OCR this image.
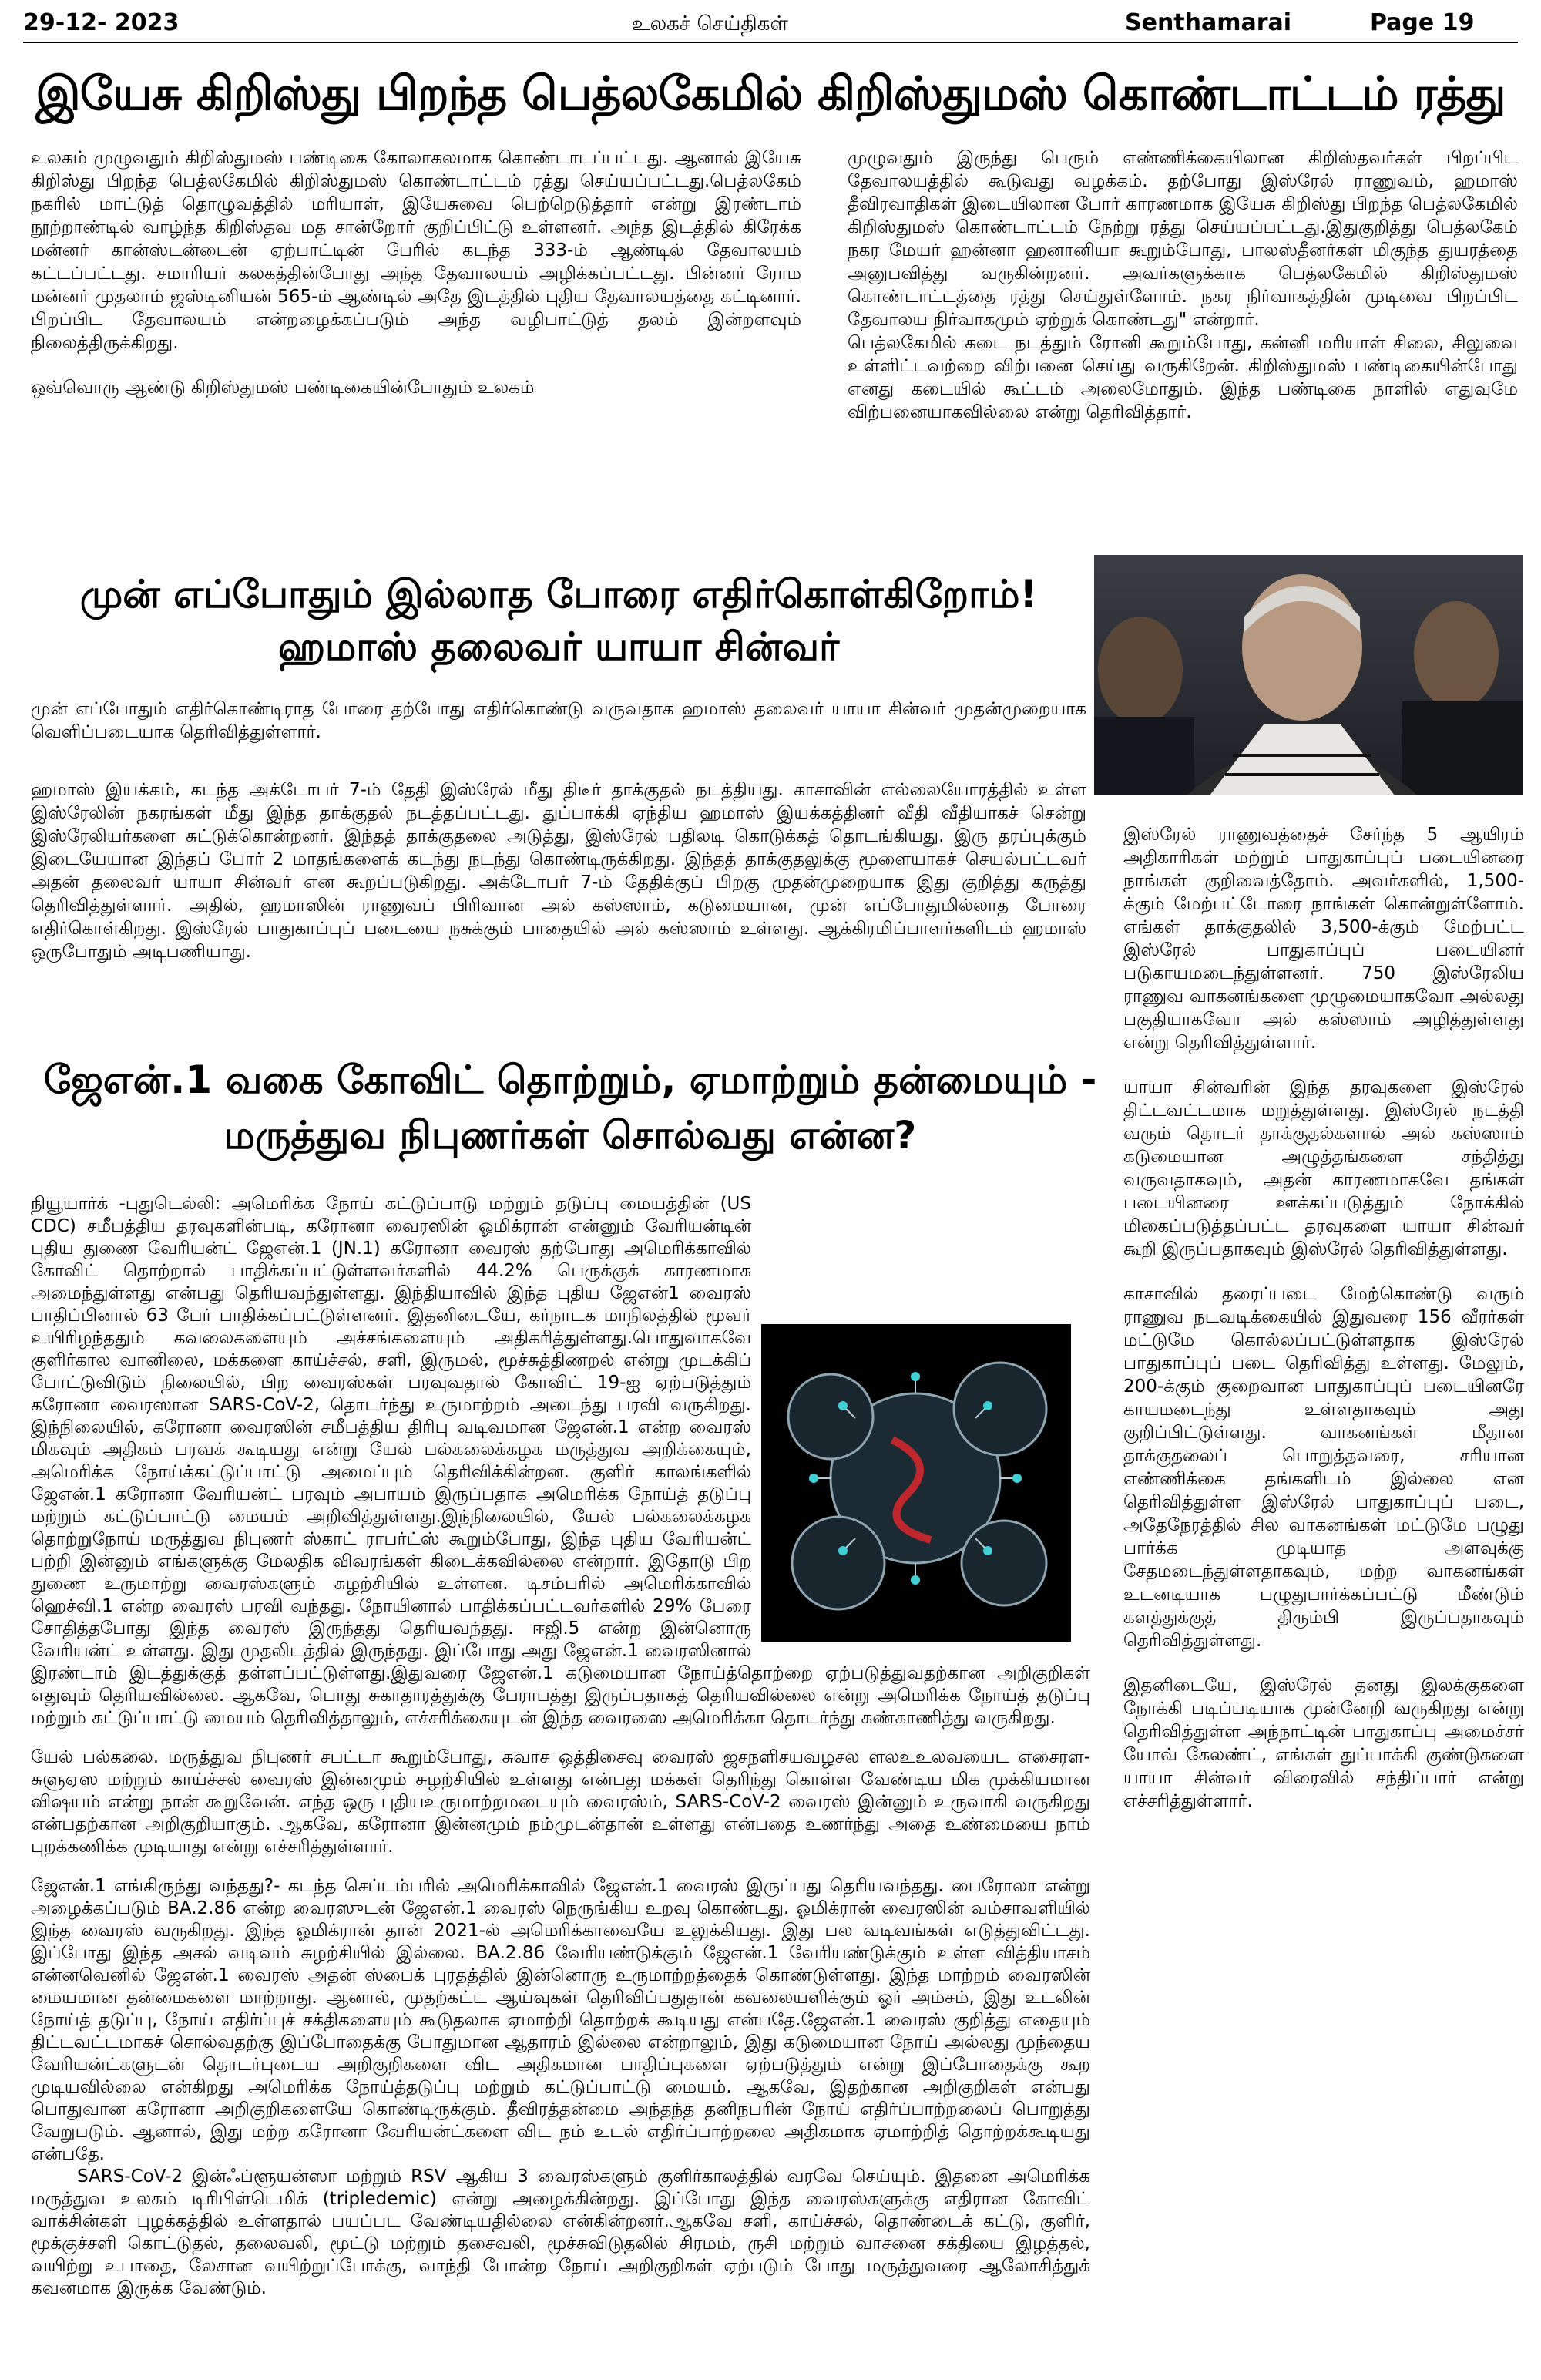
29-12- 2023	உலகச் செய்திகள்	Senthamarai	Page 19
இயேசு கிறிஸ்து பிறந்த பெத்லகேமில் கிறிஸ்துமஸ் கொண்டாட்டம் ரத்து

உலகம் முழுவதும் கிறிஸ்துமஸ் பண்டிகை கோலாகலமாக கொண்டாடப்பட்டது. ஆனால் இயேசு கிறிஸ்து பிறந்த பெத்லகேமில் கிறிஸ்துமஸ் கொண்டாட்டம் ரத்து செய்யப்பட்டது.பெத்லகேம் நகரில் மாட்டுத் தொழுவத்தில் மரியாள், இயேசுவை பெற்றெடுத்தார் என்று இரண்டாம் நூற்றாண்டில் வாழ்ந்த கிறிஸ்தவ மத சான்றோர் குறிப்பிட்டு உள்ளனர். அந்த இடத்தில் கிரேக்க மன்னர் கான்ஸ்டன்டைன் ஏற்பாட்டின் பேரில் கடந்த 333-ம் ஆண்டில் தேவாலயம் கட்டப்பட்டது. சமாரியர் கலகத்தின்போது அந்த தேவாலயம் அழிக்கப்பட்டது. பின்னர் ரோம மன்னர் முதலாம் ஜஸ்டினியன் 565-ம் ஆண்டில் அதே இடத்தில் புதிய தேவாலயத்தை கட்டினார். பிறப்பிட தேவாலயம் என்றழைக்கப்படும் அந்த வழிபாட்டுத் தலம் இன்றளவும் நிலைத்திருக்கிறது.

ஒவ்வொரு ஆண்டு கிறிஸ்துமஸ் பண்டிகையின்போதும் உலகம்

முழுவதும் இருந்து பெரும் எண்ணிக்கையிலான கிறிஸ்தவர்கள் பிறப்பிட தேவாலயத்தில் கூடுவது வழக்கம். தற்போது இஸ்ரேல் ராணுவம், ஹமாஸ் தீவிரவாதிகள் இடையிலான போர் காரணமாக இயேசு கிறிஸ்து பிறந்த பெத்லகேமில் கிறிஸ்துமஸ் கொண்டாட்டம் நேற்று ரத்து செய்யப்பட்டது.இதுகுறித்து பெத்லகேம் நகர மேயர் ஹன்னா ஹனானியா கூறும்போது, பாலஸ்தீனர்கள் மிகுந்த துயரத்தை அனுபவித்து வருகின்றனர். அவர்களுக்காக பெத்லகேமில் கிறிஸ்துமஸ் கொண்டாட்டத்தை ரத்து செய்துள்ளோம். நகர நிர்வாகத்தின் முடிவை பிறப்பிட தேவாலய நிர்வாகமும் ஏற்றுக் கொண்டது" என்றார்.

பெத்லகேமில் கடை நடத்தும் ரோனி கூறும்போது, கன்னி மரியாள் சிலை, சிலுவை உள்ளிட்டவற்றை விற்பனை செய்து வருகிறேன். கிறிஸ்துமஸ் பண்டிகையின்போது எனது கடையில் கூட்டம் அலைமோதும். இந்த பண்டிகை நாளில் எதுவுமே விற்பனையாகவில்லை என்று தெரிவித்தார்.

முன் எப்போதும் இல்லாத போரை எதிர்கொள்கிறோம்!
ஹமாஸ் தலைவர் யாயா சின்வர்
முன் எப்போதும் எதிர்கொண்டிராத போரை தற்போது எதிர்கொண்டு வருவதாக ஹமாஸ் தலைவர் யாயா சின்வர் முதன்முறையாக வெளிப்படையாக தெரிவித்துள்ளார்.
ஹமாஸ் இயக்கம், கடந்த அக்டோபர் 7-ம் தேதி இஸ்ரேல் மீது திடீர் தாக்குதல் நடத்தியது. காசாவின் எல்லையோரத்தில் உள்ள இஸ்ரேலின் நகரங்கள் மீது இந்த தாக்குதல் நடத்தப்பட்டது. துப்பாக்கி ஏந்திய ஹமாஸ் இயக்கத்தினர் வீதி வீதியாகச் சென்று இஸ்ரேலியர்களை சுட்டுக்கொன்றனர். இந்தத் தாக்குதலை அடுத்து, இஸ்ரேல் பதிலடி கொடுக்கத் தொடங்கியது. இரு தரப்புக்கும் இடையேயான இந்தப் போர் 2 மாதங்களைக் கடந்து நடந்து கொண்டிருக்கிறது. இந்தத் தாக்குதலுக்கு மூளையாகச் செயல்பட்டவர் அதன் தலைவர் யாயா சின்வர் என கூறப்படுகிறது. அக்டோபர் 7-ம் தேதிக்குப் பிறகு முதன்முறையாக இது குறித்து கருத்து தெரிவித்துள்ளார். அதில், ஹமாஸின் ராணுவப் பிரிவான அல் கஸ்ஸாம், கடுமையான, முன் எப்போதுமில்லாத போரை எதிர்கொள்கிறது. இஸ்ரேல் பாதுகாப்புப் படையை நசுக்கும் பாதையில் அல் கஸ்ஸாம் உள்ளது. ஆக்கிரமிப்பாளர்களிடம் ஹமாஸ் ஒருபோதும் அடிபணியாது.

இஸ்ரேல் ராணுவத்தைச் சேர்ந்த 5 ஆயிரம் அதிகாரிகள் மற்றும் பாதுகாப்புப் படையினரை நாங்கள் குறிவைத்தோம். அவர்களில், 1,500-க்கும் மேற்பட்டோரை நாங்கள் கொன்றுள்ளோம். எங்கள் தாக்குதலில் 3,500-க்கும் மேற்பட்ட இஸ்ரேல் பாதுகாப்புப் படையினர் படுகாயமடைந்துள்ளனர். 750 இஸ்ரேலிய ராணுவ வாகனங்களை முழுமையாகவோ அல்லது பகுதியாகவோ அல் கஸ்ஸாம் அழித்துள்ளது என்று தெரிவித்துள்ளார்.

யாயா சின்வரின் இந்த தரவுகளை இஸ்ரேல் திட்டவட்டமாக மறுத்துள்ளது. இஸ்ரேல் நடத்தி வரும் தொடர் தாக்குதல்களால் அல் கஸ்ஸாம் கடுமையான அழுத்தங்களை சந்தித்து வருவதாகவும், அதன் காரணமாகவே தங்கள் படையினரை ஊக்கப்படுத்தும் நோக்கில் மிகைப்படுத்தப்பட்ட தரவுகளை யாயா சின்வர் கூறி இருப்பதாகவும் இஸ்ரேல் தெரிவித்துள்ளது.

காசாவில் தரைப்படை மேற்கொண்டு வரும் ராணுவ நடவடிக்கையில் இதுவரை 156 வீரர்கள் மட்டுமே கொல்லப்பட்டுள்ளதாக இஸ்ரேல் பாதுகாப்புப் படை தெரிவித்து உள்ளது. மேலும், 200-க்கும் குறைவான பாதுகாப்புப் படையினரே காயமடைந்து உள்ளதாகவும் அது குறிப்பிட்டுள்ளது. வாகனங்கள் மீதான தாக்குதலைப் பொறுத்தவரை, சரியான எண்ணிக்கை தங்களிடம் இல்லை என தெரிவித்துள்ள இஸ்ரேல் பாதுகாப்புப் படை, அதேநேரத்தில் சில வாகனங்கள் மட்டுமே பழுது பார்க்க முடியாத அளவுக்கு சேதமடைந்துள்ளதாகவும், மற்ற வாகனங்கள் உடனடியாக பழுதுபார்க்கப்பட்டு மீண்டும் களத்துக்குத் திரும்பி இருப்பதாகவும் தெரிவித்துள்ளது.

இதனிடையே, இஸ்ரேல் தனது இலக்குகளை நோக்கி படிப்படியாக முன்னேறி வருகிறது என்று தெரிவித்துள்ள அந்நாட்டின் பாதுகாப்பு அமைச்சர் யோவ் கேலண்ட், எங்கள் துப்பாக்கி குண்டுகளை யாயா சின்வர் விரைவில் சந்திப்பார் என்று எச்சரித்துள்ளார்.

ஜேஎன்.1 வகை கோவிட் தொற்றும், ஏமாற்றும் தன்மையும் -
மருத்துவ நிபுணர்கள் சொல்வது என்ன?

நியூயார்க் -புதுடெல்லி: அமெரிக்க நோய் கட்டுப்பாடு மற்றும் தடுப்பு மையத்தின் (US CDC) சமீபத்திய தரவுகளின்படி, கரோனா வைரஸின் ஓமிக்ரான் என்னும் வேரியன்டின் புதிய துணை வேரியன்ட் ஜேஎன்.1 (JN.1) கரோனா வைரஸ் தற்போது அமெரிக்காவில் கோவிட் தொற்றால் பாதிக்கப்பட்டுள்ளவர்களில் 44.2% பெருக்குக் காரணமாக அமைந்துள்ளது என்பது தெரியவந்துள்ளது. இந்தியாவில் இந்த புதிய ஜேஎன்1 வைரஸ் பாதிப்பினால் 63 பேர் பாதிக்கப்பட்டுள்ளனர். இதனிடையே, கர்நாடக மாநிலத்தில் மூவர் உயிரிழந்ததும் கவலைகளையும் அச்சங்களையும் அதிகரித்துள்ளது.பொதுவாகவே குளிர்கால வானிலை, மக்களை காய்ச்சல், சளி, இருமல், மூச்சுத்திணறல் என்று முடக்கிப் போட்டுவிடும் நிலையில், பிற வைரஸ்கள் பரவுவதால் கோவிட் 19-ஐ ஏற்படுத்தும் கரோனா வைரஸான SARS-CoV-2, தொடர்ந்து உருமாற்றம் அடைந்து பரவி வருகிறது. இந்நிலையில், கரோனா வைரஸின் சமீபத்திய திரிபு வடிவமான ஜேஎன்.1 என்ற வைரஸ் மிகவும் அதிகம் பரவக் கூடியது என்று யேல் பல்கலைக்கழக மருத்துவ அறிக்கையும், அமெரிக்க நோய்க்கட்டுப்பாட்டு அமைப்பும் தெரிவிக்கின்றன. குளிர் காலங்களில் ஜேஎன்.1 கரோனா வேரியன்ட் பரவும் அபாயம் இருப்பதாக அமெரிக்க நோய்த் தடுப்பு மற்றும் கட்டுப்பாட்டு மையம் அறிவித்துள்ளது.இந்நிலையில், யேல் பல்கலைக்கழக தொற்றுநோய் மருத்துவ நிபுணர் ஸ்காட் ராபர்ட்ஸ் கூறும்போது, இந்த புதிய வேரியன்ட் பற்றி இன்னும் எங்களுக்கு மேலதிக விவரங்கள் கிடைக்கவில்லை என்றார். இதோடு பிற துணை உருமாற்று வைரஸ்களும் சுழற்சியில் உள்ளன. டிசம்பரில் அமெரிக்காவில் ஹெச்வி.1 என்ற வைரஸ் பரவி வந்தது. நோயினால் பாதிக்கப்பட்டவர்களில் 29% பேரை சோதித்தபோது இந்த வைரஸ் இருந்தது தெரியவந்தது. ஈஜி.5 என்ற இன்னொரு வேரியன்ட் உள்ளது. இது முதலிடத்தில் இருந்தது. இப்போது அது ஜேஎன்.1 வைரஸினால் இரண்டாம் இடத்துக்குத் தள்ளப்பட்டுள்ளது.இதுவரை ஜேஎன்.1 கடுமையான நோய்த்தொற்றை ஏற்படுத்துவதற்கான அறிகுறிகள் எதுவும் தெரியவில்லை. ஆகவே, பொது சுகாதாரத்துக்கு பேராபத்து இருப்பதாகத் தெரியவில்லை என்று அமெரிக்க நோய்த் தடுப்பு மற்றும் கட்டுப்பாட்டு மையம் தெரிவித்தாலும், எச்சரிக்கையுடன் இந்த வைரஸை அமெரிக்கா தொடர்ந்து கண்காணித்து வருகிறது.

யேல் பல்கலை. மருத்துவ நிபுணர் சபட்டா கூறும்போது, சுவாச ஒத்திசைவு வைரஸ் ஜசநளிசயவழசல ளலஉஉலவயைட எசைரள-சுளுஏஸ மற்றும் காய்ச்சல் வைரஸ் இன்னமும் சுழற்சியில் உள்ளது என்பது மக்கள் தெரிந்து கொள்ள வேண்டிய மிக முக்கியமான விஷயம் என்று நான் கூறுவேன். எந்த ஒரு புதியஉருமாற்றமடையும் வைரஸ்ம், SARS-CoV-2 வைரஸ் இன்னும் உருவாகி வருகிறது என்பதற்கான அறிகுறியாகும். ஆகவே, கரோனா இன்னமும் நம்முடன்தான் உள்ளது என்பதை உணர்ந்து அதை உண்மையை நாம் புறக்கணிக்க முடியாது என்று எச்சரித்துள்ளார்.

ஜேஎன்.1 எங்கிருந்து வந்தது?- கடந்த செப்டம்பரில் அமெரிக்காவில் ஜேஎன்.1 வைரஸ் இருப்பது தெரியவந்தது. பைரோலா என்று அழைக்கப்படும் BA.2.86 என்ற வைரஸுடன் ஜேஎன்.1 வைரஸ் நெருங்கிய உறவு கொண்டது. ஓமிக்ரான் வைரஸின் வம்சாவளியில் இந்த வைரஸ் வருகிறது. இந்த ஓமிக்ரான் தான் 2021-ல் அமெரிக்காவையே உலுக்கியது. இது பல வடிவங்கள் எடுத்துவிட்டது. இப்போது இந்த அசல் வடிவம் சுழற்சியில் இல்லை. BA.2.86 வேரியண்டுக்கும் ஜேஎன்.1 வேரியண்டுக்கும் உள்ள வித்தியாசம் என்னவெனில் ஜேஎன்.1 வைரஸ் அதன் ஸ்பைக் புரதத்தில் இன்னொரு உருமாற்றத்தைக் கொண்டுள்ளது. இந்த மாற்றம் வைரஸின் மையமான தன்மைகளை மாற்றாது. ஆனால், முதற்கட்ட ஆய்வுகள் தெரிவிப்பதுதான் கவலையளிக்கும் ஓர் அம்சம், இது உடலின் நோய்த் தடுப்பு, நோய் எதிர்ப்புச் சக்திகளையும் கூடுதலாக ஏமாற்றி தொற்றக் கூடியது என்பதே.ஜேஎன்.1 வைரஸ் குறித்து எதையும் திட்டவட்டமாகச் சொல்வதற்கு இப்போதைக்கு போதுமான ஆதாரம் இல்லை என்றாலும், இது கடுமையான நோய் அல்லது முந்தைய வேரியன்ட்களுடன் தொடர்புடைய அறிகுறிகளை விட அதிகமான பாதிப்புகளை ஏற்படுத்தும் என்று இப்போதைக்கு கூற முடியவில்லை என்கிறது அமெரிக்க நோய்த்தடுப்பு மற்றும் கட்டுப்பாட்டு மையம். ஆகவே, இதற்கான அறிகுறிகள் என்பது பொதுவான கரோனா அறிகுறிகளையே கொண்டிருக்கும். தீவிரத்தன்மை அந்தந்த தனிநபரின் நோய் எதிர்ப்பாற்றலைப் பொறுத்து வேறுபடும். ஆனால், இது மற்ற கரோனா வேரியன்ட்களை விட நம் உடல் எதிர்ப்பாற்றலை அதிகமாக ஏமாற்றித் தொற்றக்கூடியது என்பதே.

SARS-CoV-2 இன்ஃப்ளூயன்ஸா மற்றும் RSV ஆகிய 3 வைரஸ்களும் குளிர்காலத்தில் வரவே செய்யும். இதனை அமெரிக்க மருத்துவ உலகம் டிரிபிள்டெமிக் (tripledemic) என்று அழைக்கின்றது. இப்போது இந்த வைரஸ்களுக்கு எதிரான கோவிட் வாக்சின்கள் புழக்கத்தில் உள்ளதால் பயப்பட வேண்டியதில்லை என்கின்றனர்.ஆகவே சளி, காய்ச்சல், தொண்டைக் கட்டு, குளிர், மூக்குச்சளி கொட்டுதல், தலைவலி, மூட்டு மற்றும் தசைவலி, மூச்சுவிடுதலில் சிரமம், ருசி மற்றும் வாசனை சக்தியை இழத்தல், வயிற்று உபாதை, லேசான வயிற்றுப்போக்கு, வாந்தி போன்ற நோய் அறிகுறிகள் ஏற்படும் போது மருத்துவரை ஆலோசித்துக் கவனமாக இருக்க வேண்டும்.
